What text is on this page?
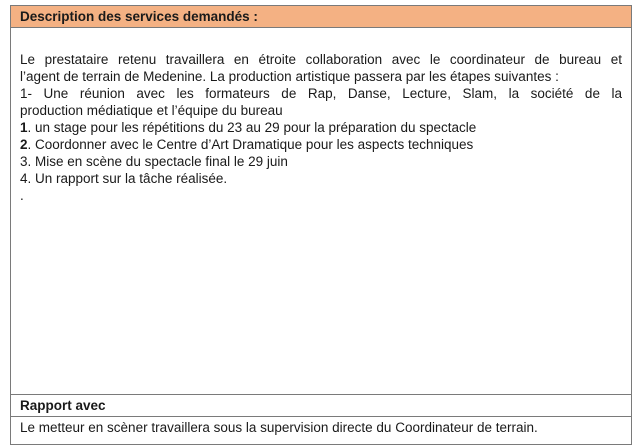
Description des services demandés :
Le prestataire retenu travaillera en étroite collaboration avec le coordinateur de bureau et
l’agent de terrain de Medenine. La production artistique passera par les étapes suivantes :
1- Une réunion avec les formateurs de Rap, Danse, Lecture, Slam, la société de la
production médiatique et l’équipe du bureau
1. un stage pour les répétitions du 23 au 29 pour la préparation du spectacle
2. Coordonner avec le Centre d’Art Dramatique pour les aspects techniques
3. Mise en scène du spectacle final le 29 juin
4. Un rapport sur la tâche réalisée.
.
Rapport avec
Le metteur en scèner travaillera sous la supervision directe du Coordinateur de terrain.
